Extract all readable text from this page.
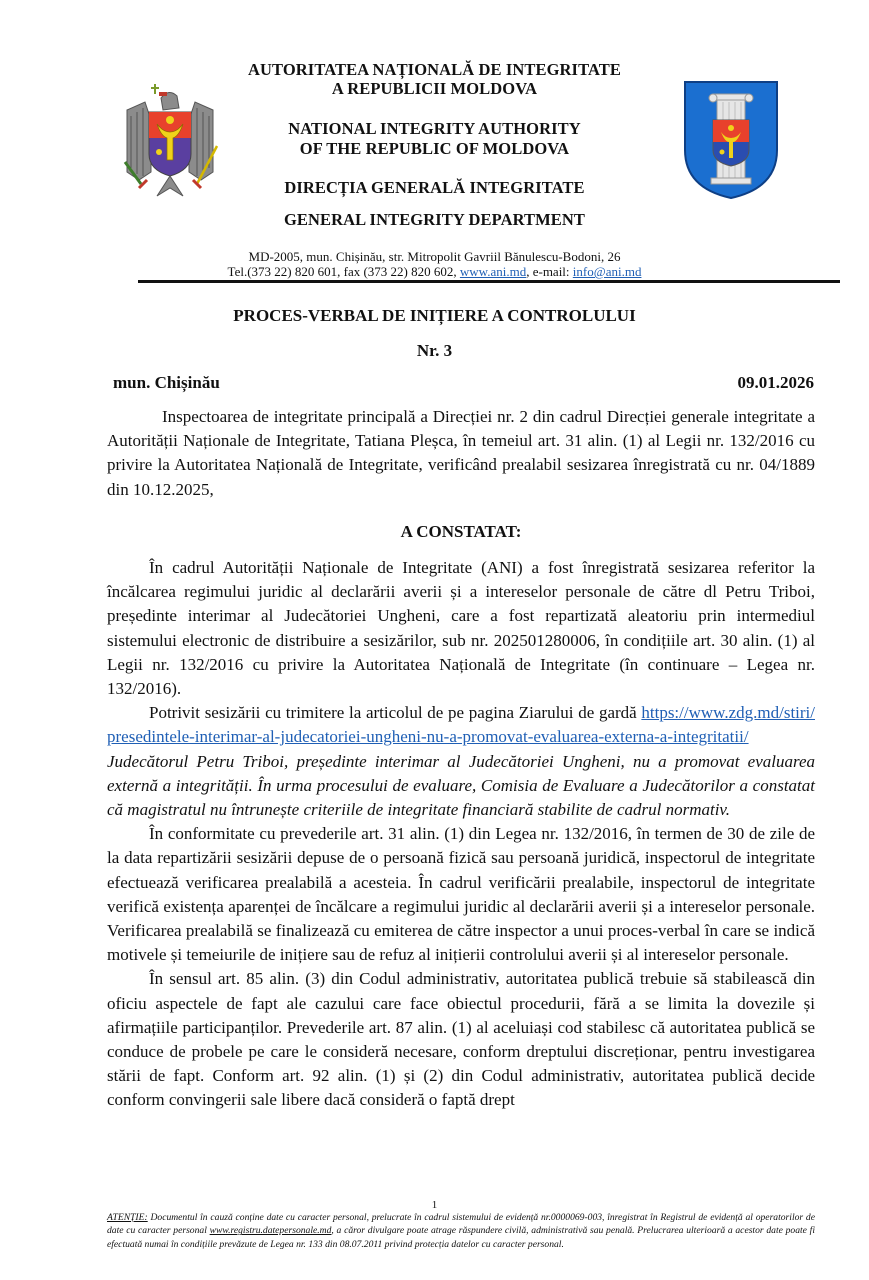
AUTORITATEA NAȚIONALĂ DE INTEGRITATE
A REPUBLICII MOLDOVA
NATIONAL INTEGRITY AUTHORITY
OF THE REPUBLIC OF MOLDOVA
DIRECȚIA GENERALĂ INTEGRITATE
GENERAL INTEGRITY DEPARTMENT
MD-2005, mun. Chișinău, str. Mitropolit Gavriil Bănulescu-Bodoni, 26
Tel.(373 22) 820 601, fax (373 22) 820 602, www.ani.md, e-mail: info@ani.md
PROCES-VERBAL DE INIȚIERE A CONTROLULUI
Nr. 3
mun. Chișinău	09.01.2026

Inspectoarea de integritate principală a Direcției nr. 2 din cadrul Direcției generale integritate a Autorității Naționale de Integritate, Tatiana Pleșca, în temeiul art. 31 alin. (1) al Legii nr. 132/2016 cu privire la Autoritatea Națională de Integritate, verificând prealabil sesizarea înregistrată cu nr. 04/1889 din 10.12.2025,

A CONSTATAT:

În cadrul Autorității Naționale de Integritate (ANI) a fost înregistrată sesizarea referitor la încălcarea regimului juridic al declarării averii și a intereselor personale de către dl Petru Triboi, președinte interimar al Judecătoriei Ungheni, care a fost repartizată aleatoriu prin intermediul sistemului electronic de distribuire a sesizărilor, sub nr. 202501280006, în condițiile art. 30 alin. (1) al Legii nr. 132/2016 cu privire la Autoritatea Națională de Integritate (în continuare – Legea nr. 132/2016).

Potrivit sesizării cu trimitere la articolul de pe pagina Ziarului de gardă https://www.zdg.md/stiri/presedintele-interimar-al-judecatoriei-ungheni-nu-a-promovat-evaluarea-externa-a-integritatii/ Judecătorul Petru Triboi, președinte interimar al Judecătoriei Ungheni, nu a promovat evaluarea externă a integrității. În urma procesului de evaluare, Comisia de Evaluare a Judecătorilor a constatat că magistratul nu întrunește criteriile de integritate financiară stabilite de cadrul normativ.

În conformitate cu prevederile art. 31 alin. (1) din Legea nr. 132/2016, în termen de 30 de zile de la data repartizării sesizării depuse de o persoană fizică sau persoană juridică, inspectorul de integritate efectuează verificarea prealabilă a acesteia. În cadrul verificării prealabile, inspectorul de integritate verifică existența aparenței de încălcare a regimului juridic al declarării averii și a intereselor personale. Verificarea prealabilă se finalizează cu emiterea de către inspector a unui proces-verbal în care se indică motivele și temeiurile de inițiere sau de refuz al inițierii controlului averii și al intereselor personale.

În sensul art. 85 alin. (3) din Codul administrativ, autoritatea publică trebuie să stabilească din oficiu aspectele de fapt ale cazului care face obiectul procedurii, fără a se limita la dovezile și afirmațiile participanților. Prevederile art. 87 alin. (1) al aceluiași cod stabilesc că autoritatea publică se conduce de probele pe care le consideră necesare, conform dreptului discreționar, pentru investigarea stării de fapt. Conform art. 92 alin. (1) și (2) din Codul administrativ, autoritatea publică decide conform convingerii sale libere dacă consideră o faptă drept

1
ATENȚIE: Documentul în cauză conține date cu caracter personal, prelucrate în cadrul sistemului de evidență nr.0000069-003, înregistrat în Registrul de evidență al operatorilor de date cu caracter personal www.registru.datepersonale.md, a căror divulgare poate atrage răspundere civilă, administrativă sau penală. Prelucrarea ulterioară a acestor date poate fi efectuată numai în condițiile prevăzute de Legea nr. 133 din 08.07.2011 privind protecția datelor cu caracter personal.
